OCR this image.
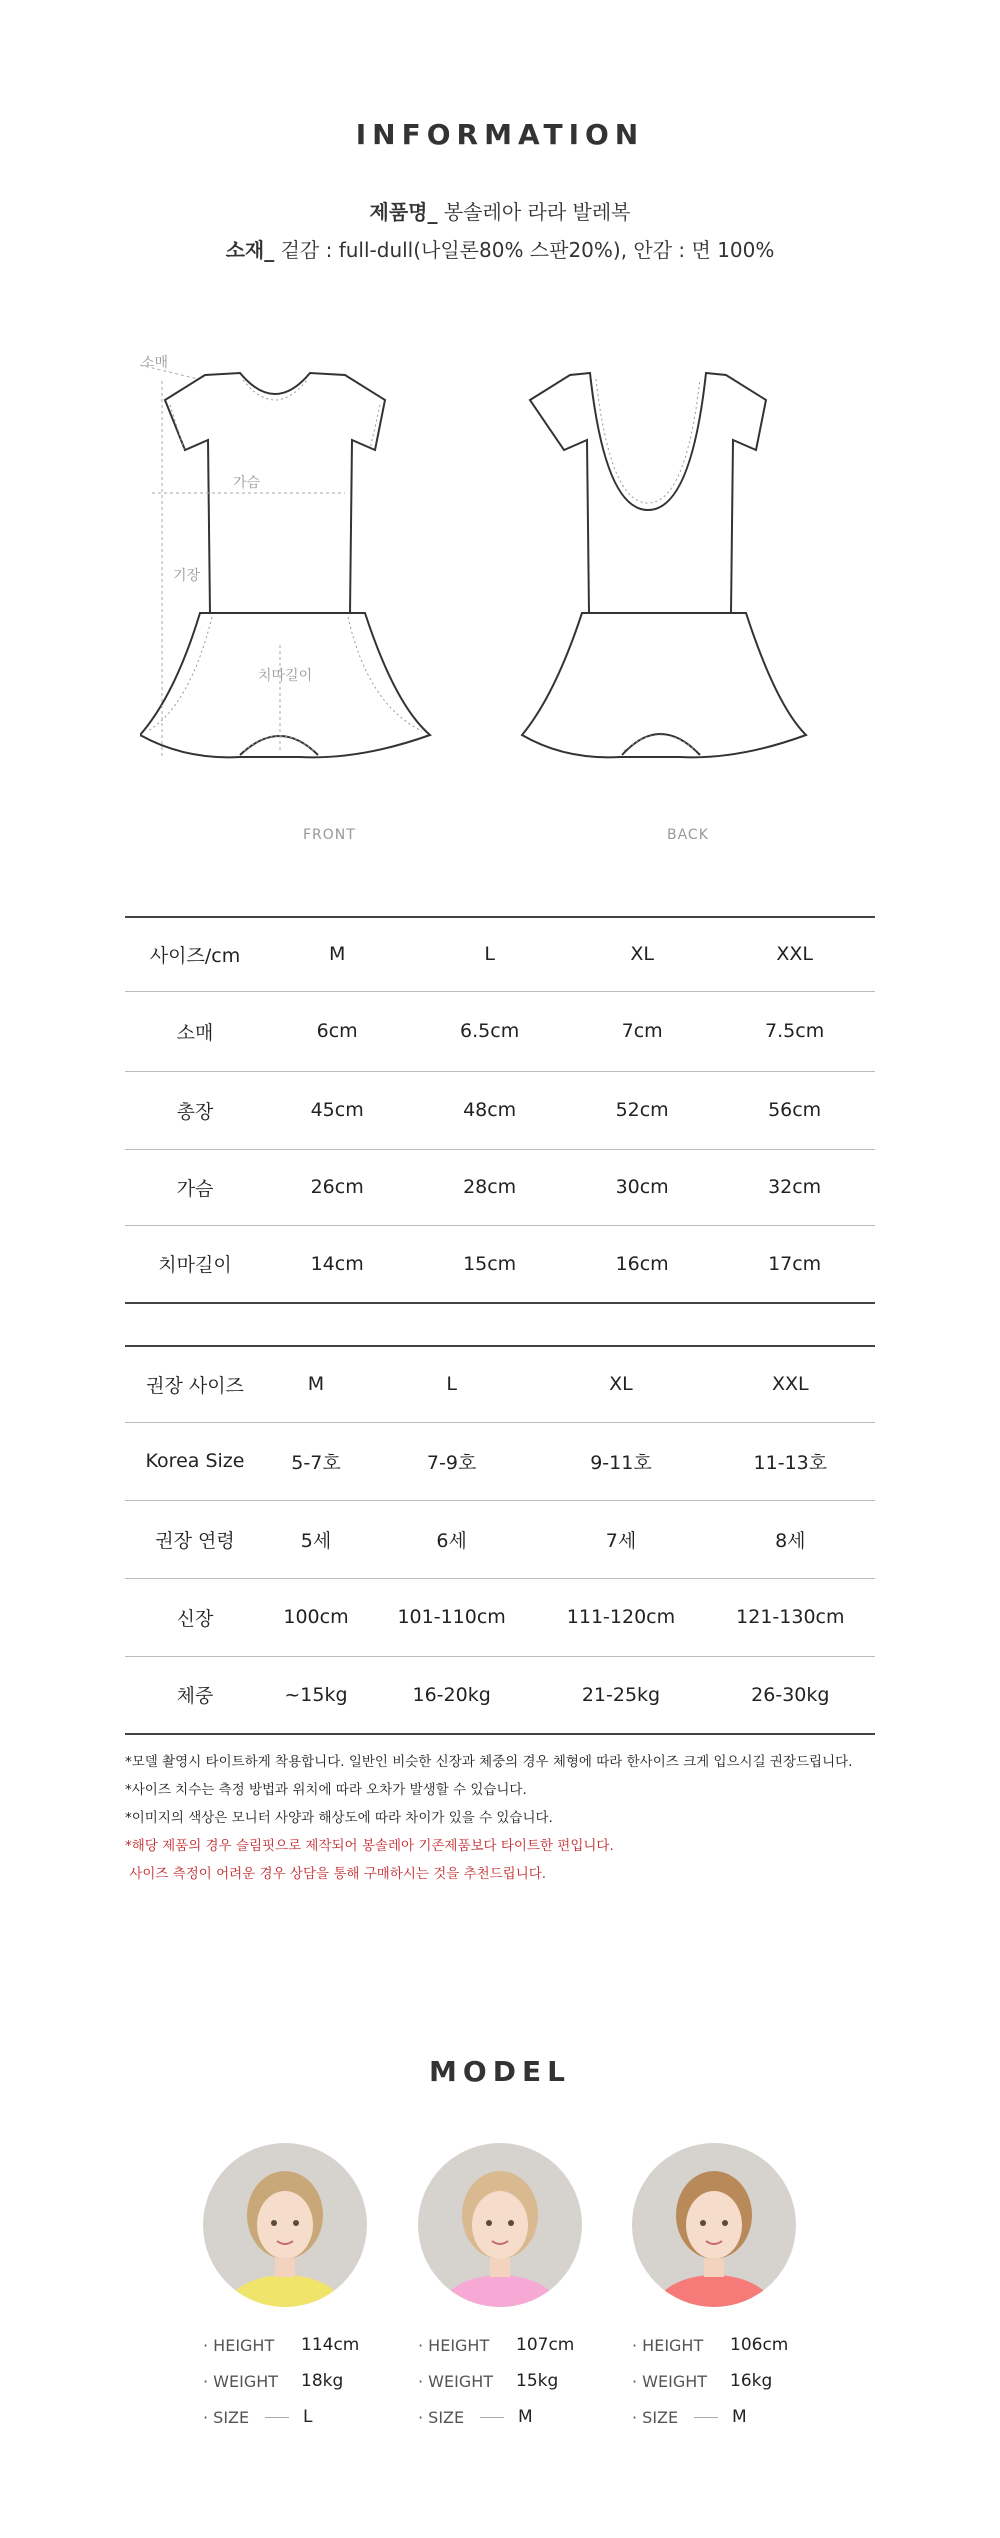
INFORMATION
제품명_ 봉솔레아 라라 발레복
소재_ 겉감 : full-dull(나일론80% 스판20%), 안감 : 면 100%
소매
가슴
기장
치마길이
FRONT	BACK
사이즈/cm	M	L	XL	XXL
소매	6cm	6.5cm	7cm	7.5cm
총장	45cm	48cm	52cm	56cm
가슴	26cm	28cm	30cm	32cm
치마길이	14cm	15cm	16cm	17cm
권장 사이즈	M	L	XL	XXL
Korea Size	5-7호	7-9호	9-11호	11-13호
권장 연령	5세	6세	7세	8세
신장	100cm	101-110cm	111-120cm	121-130cm
체중	~15kg	16-20kg	21-25kg	26-30kg
*모델 촬영시 타이트하게 착용합니다. 일반인 비슷한 신장과 체중의 경우 체형에 따라 한사이즈 크게 입으시길 권장드립니다.
*사이즈 치수는 측정 방법과 위치에 따라 오차가 발생할 수 있습니다.
*이미지의 색상은 모니터 사양과 해상도에 따라 차이가 있을 수 있습니다.
*해당 제품의 경우 슬림핏으로 제작되어 봉솔레아 기존제품보다 타이트한 편입니다.
사이즈 측정이 어려운 경우 상담을 통해 구매하시는 것을 추천드립니다.
MODEL
· HEIGHT	114cm
· WEIGHT	18kg
· SIZE	L
· HEIGHT	107cm
· WEIGHT	15kg
· SIZE	M
· HEIGHT	106cm
· WEIGHT	16kg
· SIZE	M
